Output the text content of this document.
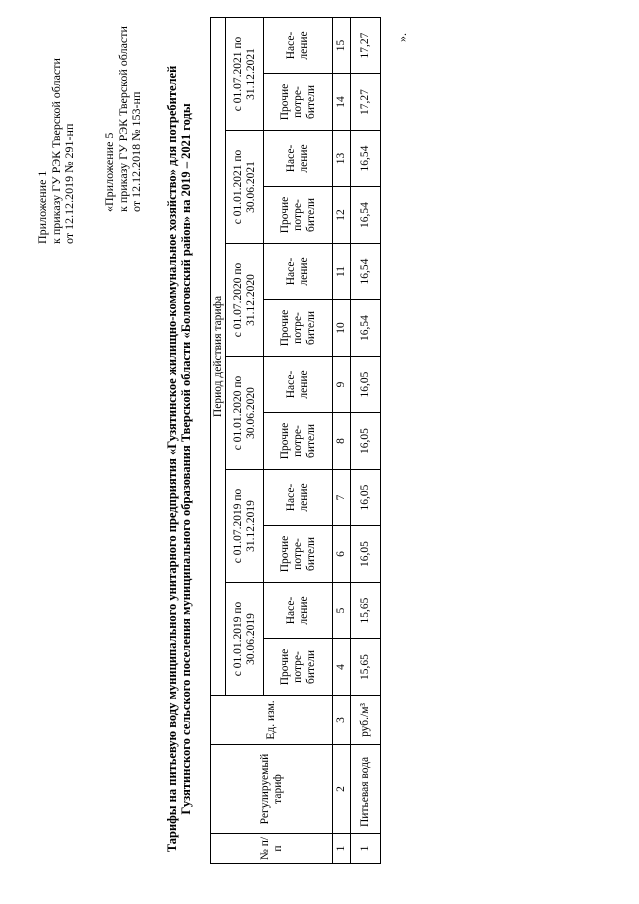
Приложение 1 к приказу ГУ РЭК Тверской области от 12.12.2019 № 291-нп «Приложение 5 к приказу ГУ РЭК Тверской области от 12.12.2018 № 153-нп Тарифы на питьевую воду муниципального унитарного предприятия «Гузятинское жилищно-коммунальное хозяйство» для потребителей Гузятинского сельского поселения муниципального образования Тверской области «Бологовский район» на 2019 – 2021 годы
№ п/п	Регулируемый тариф	Ед. изм.	Период действия тарифа											
			с 01.01.2019 по 30.06.2019		с 01.07.2019 по 31.12.2019		с 01.01.2020 по 30.06.2020		с 01.07.2020 по 31.12.2020		с 01.01.2021 по 30.06.2021		с 01.07.2021 по 31.12.2021	
			Прочие потре-бители	Насе-ление	Прочие потре-бители	Насе-ление	Прочие потре-бители	Насе-ление	Прочие потре-бители	Насе-ление	Прочие потре-бители	Насе-ление	Прочие потре-бители	Насе-ление
1	2	3	4	5	6	7	8	9	10	11	12	13	14	15
1	Питьевая вода	руб./м³	15,65	15,65	16,05	16,05	16,05	16,05	16,54	16,54	16,54	16,54	17,27	17,27 ».
